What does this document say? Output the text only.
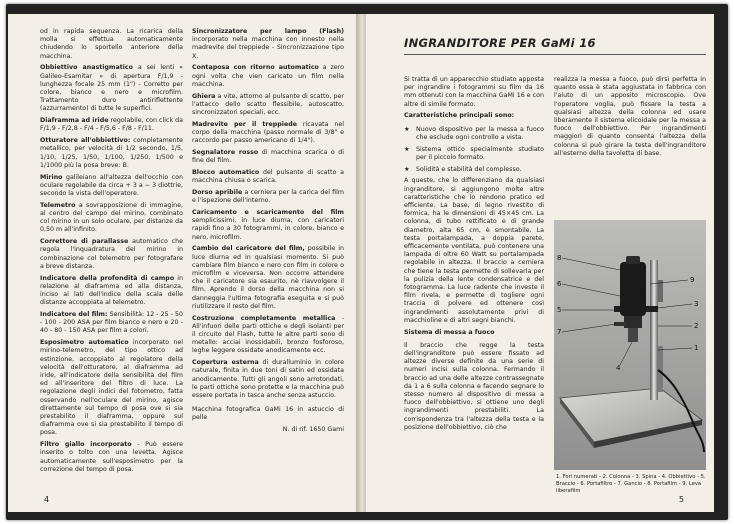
od in rapida sequenza. La ricarica della molla si effettua automaticamente chiudendo lo sportello anteriore della macchina.

Obbiettivo anastigmatico a sei lenti « Galileo-Esamitar » di apertura F/1,9 - lunghezza focale 25 mm (1") - Corretto per colore, bianco e nero e microfilm. Trattamento duro antiriflettente (azzurramento) di tutte le superfici.

Diaframma ad iride regolabile, con click da F/1,9 - F/2,8 - F/4 - F/5,6 - F/8 - F/11.

Otturatore all'obbiettivo: completamente metallico, per velocità di 1/2 secondo, 1/5, 1/10, 1/25, 1/50, 1/100, 1/250, 1/500 e 1/1000 più la posa breve: B.

Mirino galileiano all'altezza dell'occhio con oculare regolabile da circa + 3 a − 3 diottrie, secondo la vista dell'operatore.

Telemetro a sovrapposizione di immagine, al centro del campo del mirino, combinato col mirino in un solo oculare, per distanze da 0,50 m all'infinito.

Correttore di parallasse automatico che regola l'inquadratura del mirino in combinazione col telemetro per fotografare a breve distanza.

Indicatore della profondità di campo in relazione al diaframma ed alla distanza, inciso ai lati dell'indice della scala delle distanze accoppiata al telemetro.

Indicatore del film: Sensibilità: 12 - 25 - 50 - 100 - 200 ASA per film bianco e nero e 20 - 40 - 80 - 150 ASA per film a colori.

Esposimetro automatico incorporato nel mirino-telemetro, del tipo ottico ad estinzione, accoppiato al regolatore della velocità dell'otturatore, al diaframma ad iride, all'indicatore della sensibilità del film ed all'inseritore del filtro di luce. La regolazione degli indici del fotometro, fatta osservando nell'oculare del mirino, agisce direttamente sul tempo di posa ove si sia prestabilito il diaframma, oppure sul diaframma ove si sia prestabilito il tempo di posa.

Filtro giallo incorporato - Può essere inserito o tolto con una levetta. Agisce automaticamente sull'esposimetro per la correzione del tempo di posa.

Sincronizzatore per lampo (Flash) incorporato nella macchina con innesto nella madrevite del treppiede - Sincronizzazione tipo X.

Contaposa con ritorno automatico a zero ogni volta che vien caricato un film nella macchina.

Ghiera a vite, attorno al pulsante di scatto, per l'attacco dello scatto flessibile, autoscatto, sincronizzatori speciali, ecc.

Madrevite per il treppiede ricavata nel corpo della macchina (passo normale di 3/8" e raccordo per passo americano di 1/4").

Segnalatore rosso di macchina scarica o di fine del film.

Blocco automatico del pulsante di scatto a macchina chiusa o scarica.

Dorso apribile a cerniera per la carica del film e l'ispezione dell'interno.

Caricamento e scaricamento del film semplicissimi, in luce diurna, con caricatori rapidi fino a 30 fotogrammi, in colore, bianco e nero, microfilm.

Cambio del caricatore del film, possibile in luce diurna ed in qualsiasi momento. Si può cambiare film bianco e nero con film in colore o microfilm e viceversa. Non occorre attendere che il caricatore sia esaurito, nè riavvolgere il film. Aprendo il dorso della macchina non si danneggia l'ultima fotografia eseguita e si può riutilizzare il resto del film.

Costruzione completamente metallica - All'infuori delle parti ottiche e degli isolanti per il circuito del Flash, tutte le altre parti sono di metallo: acciai inossidabili, bronzo fosforoso, leghe leggere ossidate anodicamente ecc.

Copertura esterna di duralluminio in colore naturale, finita in due toni di satin ed ossidata anodicamente. Tutti gli angoli sono arrotondati, le parti ottiche sono protette e la macchina può essere portata in tasca anche senza astuccio.

Macchina fotografica GaMi 16 in astuccio di pelle

N. di rif. 1650 Gami

4
INGRANDITORE PER GaMi 16

Si tratta di un apparecchio studiato apposta per ingrandire i fotogrammi su film da 16 mm ottenuti con la macchina GaMi 16 e con altre di simile formato.

Caratteristiche principali sono:

★	Nuovo dispositivo per la messa a fuoco che esclude ogni controllo a vista.

★	Sistema ottico specialmente studiato per il piccolo formato.

★	Solidità e stabilità del complesso.

A queste, che lo differenziano da qualsiasi ingranditore, si aggiungono molte altre caratteristiche che lo rendono pratico ed efficiente. La base, di legno rivestito di formica, ha le dimensioni di 45×45 cm. La colonna, di tubo rettificato e di grande diametro, alta 65 cm, è smontabile. La testa portalampada, a doppia parete, efficacemente ventilata, può contenere una lampada di oltre 60 Watt su portalampada regolabile in altezza. Il braccio a cerniera che tiene la testa permette di sollevarla per la pulizia della lente condensatrice e del fotogramma. La luce radente che investe il film rivela, e permette di togliere ogni traccia di polvere ed ottenere così ingrandimenti assolutamente privi di macchioline e di altri segni bianchi.

Sistema di messa a fuoco

Il braccio che regge la testa dell'ingranditore può essere fissato ad altezze diverse definite da una serie di numeri incisi sulla colonna. Fermando il braccio ad una delle altezze contrassegnate da 1 a 6 sulla colonna e facendo segnare lo stesso numero al dispositivo di messa a fuoco dell'obbiettivo, si ottiene uno degli ingrandimenti prestabiliti. La corrispondenza tra l'altezza della testa e la posizione dell'obbiettivo, ciò che

realizza la messa a fuoco, può dirsi perfetta in quanto essa è stata aggiustata in fabbrica con l'aiuto di un apposito microscopio. Ove l'operatore voglia, può fissare la testa a qualsiasi altezza della colonna ed usare liberamente il sistema elicoidale per la messa a fuoco dell'obbiettivo. Per ingrandimenti maggiori di quanto consenta l'altezza della colonna si può girare la testa dell'ingranditore all'esterno della tavoletta di base.

8
6
5
7
9
3
2
1
4
1. Fori numerati - 2. Colonna - 3. Spina - 4. Obbiettivo - 5. Braccio - 6. Portafiltro - 7. Gancio - 8. Portafilm - 9. Leva liberafilm
5
